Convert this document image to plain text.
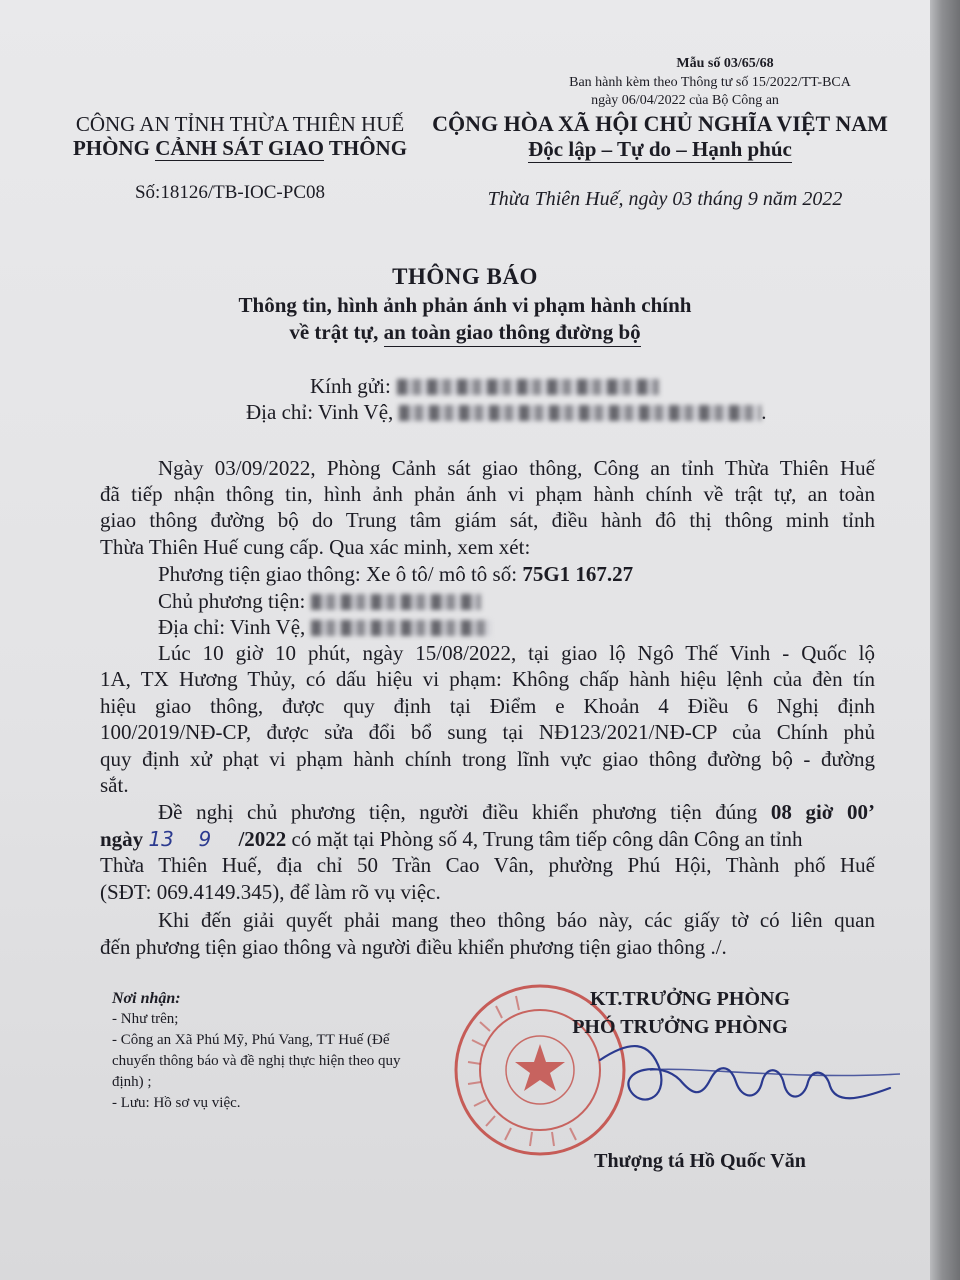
Mẫu số 03/65/68
Ban hành kèm theo Thông tư số 15/2022/TT-BCA
ngày 06/04/2022 của Bộ Công an
CÔNG AN TỈNH THỪA THIÊN HUẾ
PHÒNG CẢNH SÁT GIAO THÔNG
Số:18126/TB-IOC-PC08
CỘNG HÒA XÃ HỘI CHỦ NGHĨA VIỆT NAM
Độc lập – Tự do – Hạnh phúc
Thừa Thiên Huế, ngày 03 tháng 9 năm 2022
THÔNG BÁO
Thông tin, hình ảnh phản ánh vi phạm hành chính
về trật tự, an toàn giao thông đường bộ
Kính gửi:
Địa chỉ: Vinh Vệ,	.
Ngày 03/09/2022, Phòng Cảnh sát giao thông, Công an tỉnh Thừa Thiên Huế
đã tiếp nhận thông tin, hình ảnh phản ánh vi phạm hành chính về trật tự, an toàn
giao thông đường bộ do Trung tâm giám sát, điều hành đô thị thông minh tỉnh
Thừa Thiên Huế cung cấp. Qua xác minh, xem xét:
Phương tiện giao thông: Xe ô tô/ mô tô số: 75G1 167.27
Chủ phương tiện:
Địa chỉ: Vinh Vệ,
Lúc 10 giờ 10 phút, ngày 15/08/2022, tại giao lộ Ngô Thế Vinh - Quốc lộ
1A, TX Hương Thủy, có dấu hiệu vi phạm: Không chấp hành hiệu lệnh của đèn tín
hiệu giao thông, được quy định tại Điểm e Khoản 4 Điều 6 Nghị định
100/2019/NĐ-CP, được sửa đổi bổ sung tại NĐ123/2021/NĐ-CP của Chính phủ
quy định xử phạt vi phạm hành chính trong lĩnh vực giao thông đường bộ - đường
sắt.
Đề nghị chủ phương tiện, người điều khiển phương tiện đúng 08 giờ 00’
ngày 13 9 /2022 có mặt tại Phòng số 4, Trung tâm tiếp công dân Công an tỉnh
Thừa Thiên Huế, địa chỉ 50 Trần Cao Vân, phường Phú Hội, Thành phố Huế
(SĐT: 069.4149.345), để làm rõ vụ việc.
Khi đến giải quyết phải mang theo thông báo này, các giấy tờ có liên quan
đến phương tiện giao thông và người điều khiển phương tiện giao thông ./.
Nơi nhận:
- Như trên;
- Công an Xã Phú Mỹ, Phú Vang, TT Huế (Để
chuyển thông báo và đề nghị thực hiện theo quy
định) ;
- Lưu: Hồ sơ vụ việc.
KT.TRƯỞNG PHÒNG
PHÓ TRƯỞNG PHÒNG
Thượng tá Hồ Quốc Văn
